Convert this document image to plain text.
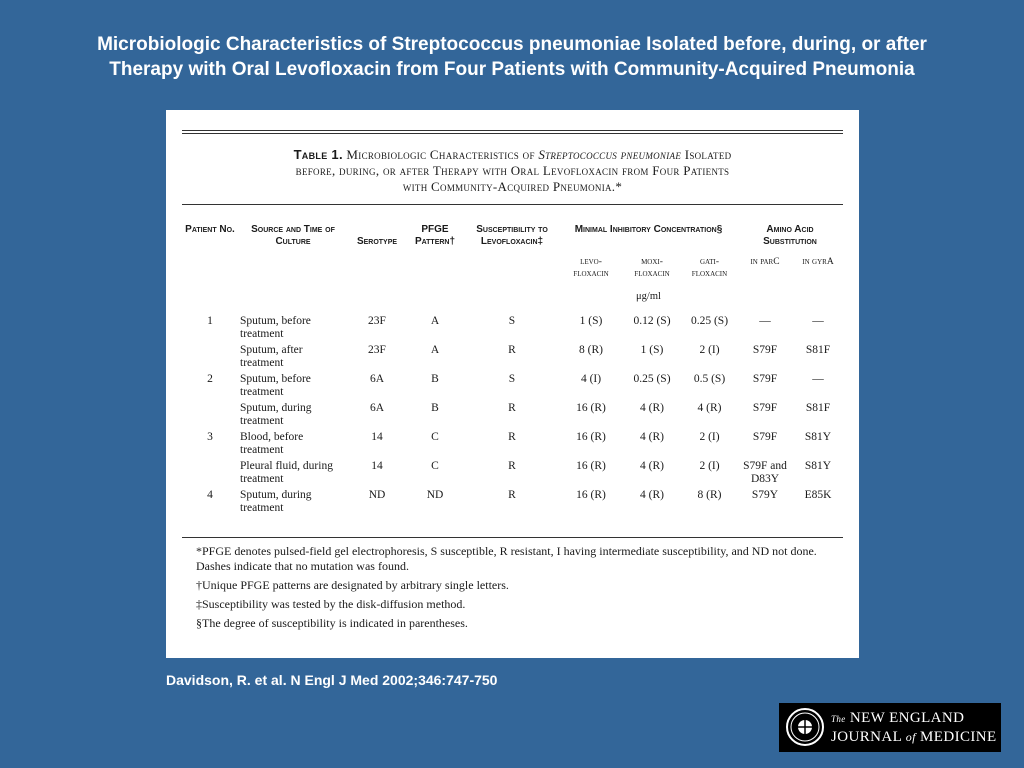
Microbiologic Characteristics of Streptococcus pneumoniae Isolated before, during, or after
Therapy with Oral Levofloxacin from Four Patients with Community-Acquired Pneumonia
Table 1. Microbiologic Characteristics of Streptococcus pneumoniae Isolated
before, during, or after Therapy with Oral Levofloxacin from Four Patients
with Community-Acquired Pneumonia.*
Patient No.	Source and Time of Culture	Serotype	PFGE Pattern†	Susceptibility to Levofloxacin‡	Minimal Inhibitory Concentration§			Amino Acid Substitution	
					levo- floxacin	moxi- floxacin	gati- floxacin	in parC	in gyrA
					μg/ml				

1	Sputum, before treatment	23F	A	S	1 (S)	0.12 (S)	0.25 (S)	—	—
	Sputum, after treatment	23F	A	R	8 (R)	1 (S)	2 (I)	S79F	S81F
2	Sputum, before treatment	6A	B	S	4 (I)	0.25 (S)	0.5 (S)	S79F	—
	Sputum, during treatment	6A	B	R	16 (R)	4 (R)	4 (R)	S79F	S81F
3	Blood, before treatment	14	C	R	16 (R)	4 (R)	2 (I)	S79F	S81Y
	Pleural fluid, during treatment	14	C	R	16 (R)	4 (R)	2 (I)	S79F and D83Y	S81Y
4	Sputum, during treatment	ND	ND	R	16 (R)	4 (R)	8 (R)	S79Y	E85K

*PFGE denotes pulsed-field gel electrophoresis, S susceptible, R resistant, I having intermediate susceptibility, and ND not done. Dashes indicate that no mutation was found.

†Unique PFGE patterns are designated by arbitrary single letters.

‡Susceptibility was tested by the disk-diffusion method.

§The degree of susceptibility is indicated in parentheses.

Davidson, R. et al. N Engl J Med 2002;346:747-750
The NEW ENGLAND
JOURNAL of MEDICINE
